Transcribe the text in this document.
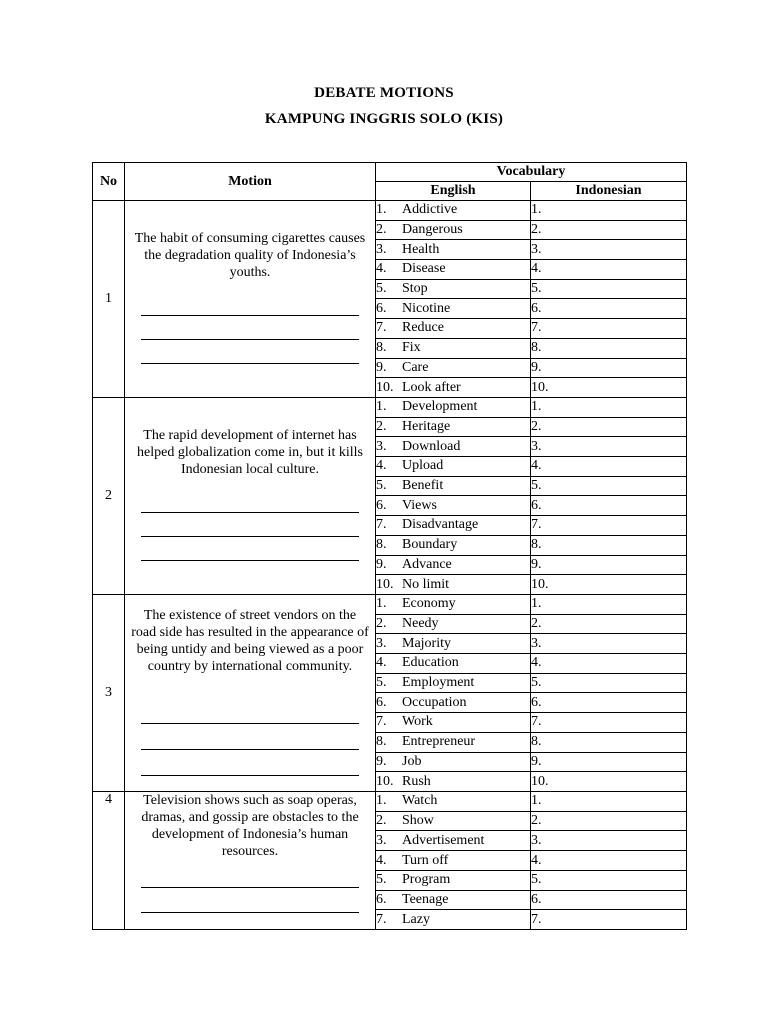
DEBATE MOTIONS
KAMPUNG INGGRIS SOLO (KIS)
No	Motion	Vocabulary	
		English	Indonesian
1	The habit of consuming cigarettes causes the degradation quality of Indonesia’s youths.	1. Addictive	1.
		2. Dangerous	2.
		3. Health	3.
		4. Disease	4.
		5. Stop	5.
		6. Nicotine	6.
		7. Reduce	7.
		8. Fix	8.
		9. Care	9.
		10. Look after	10.
2	The rapid development of internet has helped globalization come in, but it kills Indonesian local culture.	1. Development	1.
		2. Heritage	2.
		3. Download	3.
		4. Upload	4.
		5. Benefit	5.
		6. Views	6.
		7. Disadvantage	7.
		8. Boundary	8.
		9. Advance	9.
		10. No limit	10.
3	The existence of street vendors on the road side has resulted in the appearance of being untidy and being viewed as a poor country by international community.	1. Economy	1.
		2. Needy	2.
		3. Majority	3.
		4. Education	4.
		5. Employment	5.
		6. Occupation	6.
		7. Work	7.
		8. Entrepreneur	8.
		9. Job	9.
		10. Rush	10.
4	Television shows such as soap operas, dramas, and gossip are obstacles to the development of Indonesia’s human resources.	1. Watch	1.
		2. Show	2.
		3. Advertisement	3.
		4. Turn off	4.
		5. Program	5.
		6. Teenage	6.
		7. Lazy	7.
